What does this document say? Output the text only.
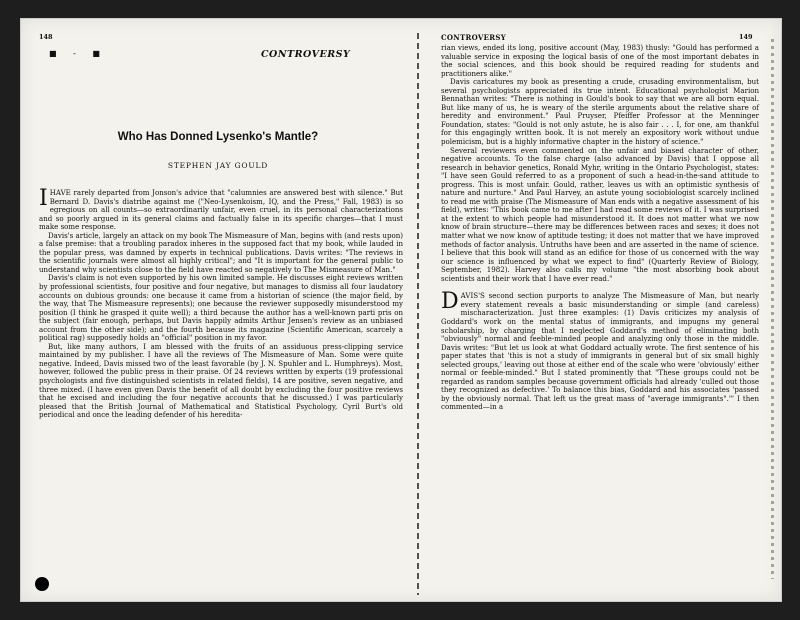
148
■ - ■	CONTROVERSY
Who Has Donned Lysenko's Mantle?
STEPHEN JAY GOULD

IHAVE rarely departed from Jonson's advice that "calumnies are answered best with silence." But Bernard D. Davis's diatribe against me ("Neo-Lysenkoism, IQ, and the Press," Fall, 1983) is so egregious on all counts—so extraordinarily unfair, even cruel, in its personal characterizations and so poorly argued in its general claims and factually false in its specific charges—that I must make some response.

Davis's article, largely an attack on my book The Mismeasure of Man, begins with (and rests upon) a false premise: that a troubling paradox inheres in the supposed fact that my book, while lauded in the popular press, was damned by experts in technical publications. Davis writes: "The reviews in the scientific journals were almost all highly critical"; and "It is important for the general public to understand why scientists close to the field have reacted so negatively to The Mismeasure of Man."

Davis's claim is not even supported by his own limited sample. He discusses eight reviews written by professional scientists, four positive and four negative, but manages to dismiss all four laudatory accounts on dubious grounds: one because it came from a historian of science (the major field, by the way, that The Mismeasure represents); one because the reviewer supposedly misunderstood my position (I think he grasped it quite well); a third because the author has a well-known parti pris on the subject (fair enough, perhaps, but Davis happily admits Arthur Jensen's review as an unbiased account from the other side); and the fourth because its magazine (Scientific American, scarcely a political rag) supposedly holds an "official" position in my favor.

But, like many authors, I am blessed with the fruits of an assiduous press-clipping service maintained by my publisher. I have all the reviews of The Mismeasure of Man. Some were quite negative. Indeed, Davis missed two of the least favorable (by J. N. Spuhler and L. Humphreys). Most, however, followed the public press in their praise. Of 24 reviews written by experts (19 professional psychologists and five distinguished scientists in related fields), 14 are positive, seven negative, and three mixed. (I have even given Davis the benefit of all doubt by excluding the four positive reviews that he excised and including the four negative accounts that he discussed.) I was particularly pleased that the British Journal of Mathematical and Statistical Psychology, Cyril Burt's old periodical and once the leading defender of his heredita-

CONTROVERSY	149

rian views, ended its long, positive account (May, 1983) thusly: "Gould has performed a valuable service in exposing the logical basis of one of the most important debates in the social sciences, and this book should be required reading for students and practitioners alike."

Davis caricatures my book as presenting a crude, crusading environmentalism, but several psychologists appreciated its true intent. Educational psychologist Marion Bennathan writes: "There is nothing in Gould's book to say that we are all born equal. But like many of us, he is weary of the sterile arguments about the relative share of heredity and environment." Paul Pruyser, Pfeiffer Professor at the Menninger Foundation, states: "Gould is not only astute, he is also fair . . . I, for one, am thankful for this engagingly written book. It is not merely an expository work without undue polemicism, but is a highly informative chapter in the history of science."

Several reviewers even commented on the unfair and biased character of other, negative accounts. To the false charge (also advanced by Davis) that I oppose all research in behavior genetics, Ronald Myhr, writing in the Ontario Psychologist, states: "I have seen Gould referred to as a proponent of such a head-in-the-sand attitude to progress. This is most unfair. Gould, rather, leaves us with an optimistic synthesis of nature and nurture." And Paul Harvey, an astute young sociobiologist scarcely inclined to read me with praise (The Mismeasure of Man ends with a negative assessment of his field), writes: "This book came to me after I had read some reviews of it. I was surprised at the extent to which people had misunderstood it. It does not matter what we now know of brain structure—there may be differences between races and sexes; it does not matter what we now know of aptitude testing; it does not matter that we have improved methods of factor analysis. Untruths have been and are asserted in the name of science. I believe that this book will stand as an edifice for those of us concerned with the way our science is influenced by what we expect to find" (Quarterly Review of Biology, September, 1982). Harvey also calls my volume "the most absorbing book about scientists and their work that I have ever read."

DAVIS'S second section purports to analyze The Mismeasure of Man, but nearly every statement reveals a basic misunderstanding or simple (and careless) mischaracterization. Just three examples: (1) Davis criticizes my analysis of Goddard's work on the mental status of immigrants, and impugns my general scholarship, by charging that I neglected Goddard's method of eliminating both "obviously" normal and feeble-minded people and analyzing only those in the middle. Davis writes: "But let us look at what Goddard actually wrote. The first sentence of his paper states that 'this is not a study of immigrants in general but of six small highly selected groups,' leaving out those at either end of the scale who were 'obviously' either normal or feeble-minded." But I stated prominently that "These groups could not be regarded as random samples because government officials had already 'culled out those they recognized as defective.' To balance this bias, Goddard and his associates 'passed by the obviously normal. That left us the great mass of "average immigrants".'" I then commented—in a
